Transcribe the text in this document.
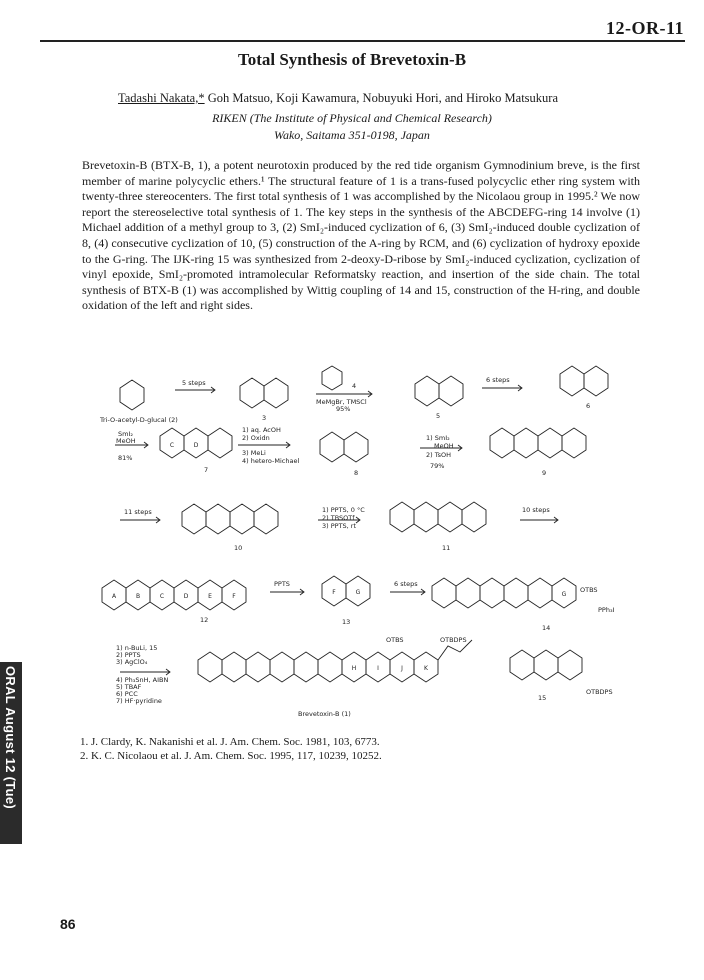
12-OR-11
Total Synthesis of Brevetoxin-B
Tadashi Nakata,* Goh Matsuo, Koji Kawamura, Nobuyuki Hori, and Hiroko Matsukura
RIKEN (The Institute of Physical and Chemical Research)
Wako, Saitama 351-0198, Japan

Brevetoxin-B (BTX-B, 1), a potent neurotoxin produced by the red tide organism Gymnodinium breve, is the first member of marine polycyclic ethers.¹ The structural feature of 1 is a trans-fused polycyclic ether ring system with twenty-three stereocenters. The first total synthesis of 1 was accomplished by the Nicolaou group in 1995.² We now report the stereoselective total synthesis of 1. The key steps in the synthesis of the ABCDEFG-ring 14 involve (1) Michael addition of a methyl group to 3, (2) SmI₂-induced cyclization of 6, (3) SmI₂-induced double cyclization of 8, (4) consecutive cyclization of 10, (5) construction of the A-ring by RCM, and (6) cyclization of hydroxy epoxide to the G-ring. The IJK-ring 15 was synthesized from 2-deoxy-D-ribose by SmI₂-induced cyclization, cyclization of vinyl epoxide, SmI₂-promoted intramolecular Reformatsky reaction, and insertion of the side chain. The total synthesis of BTX-B (1) was accomplished by Wittig coupling of 14 and 15, construction of the H-ring, and double oxidation of the left and right sides.

Tri-O-acetyl-D-glucal (2)
5 steps
3
4
MeMgBr, TMSCl
95%
5
6 steps
6
SmI₂
MeOH
81%
7
1) aq. AcOH
2) Oxidn
3) MeLi
4) hetero-Michael
8
1) SmI₂
MeOH
2) TsOH
79%
9
11 steps
10
1) PPTS, 0 °C
2) TBSOTf
3) PPTS, rt
11
10 steps
12
PPTS
13
6 steps
14
OTBS
PPh₃I
1) n-BuLi, 15
2) PPTS
3) AgClO₄
4) Ph₃SnH, AIBN
5) TBAF
6) PCC
7) HF·pyridine
Brevetoxin-B (1)
OTBS	OTBDPS
15
OTBDPS
C	D
A	B	C	D	E	F
F	G	G
H	I	J	K
1. J. Clardy, K. Nakanishi et al. J. Am. Chem. Soc. 1981, 103, 6773.
2. K. C. Nicolaou et al. J. Am. Chem. Soc. 1995, 117, 10239, 10252.
ORAL August 12 (Tue)
86
